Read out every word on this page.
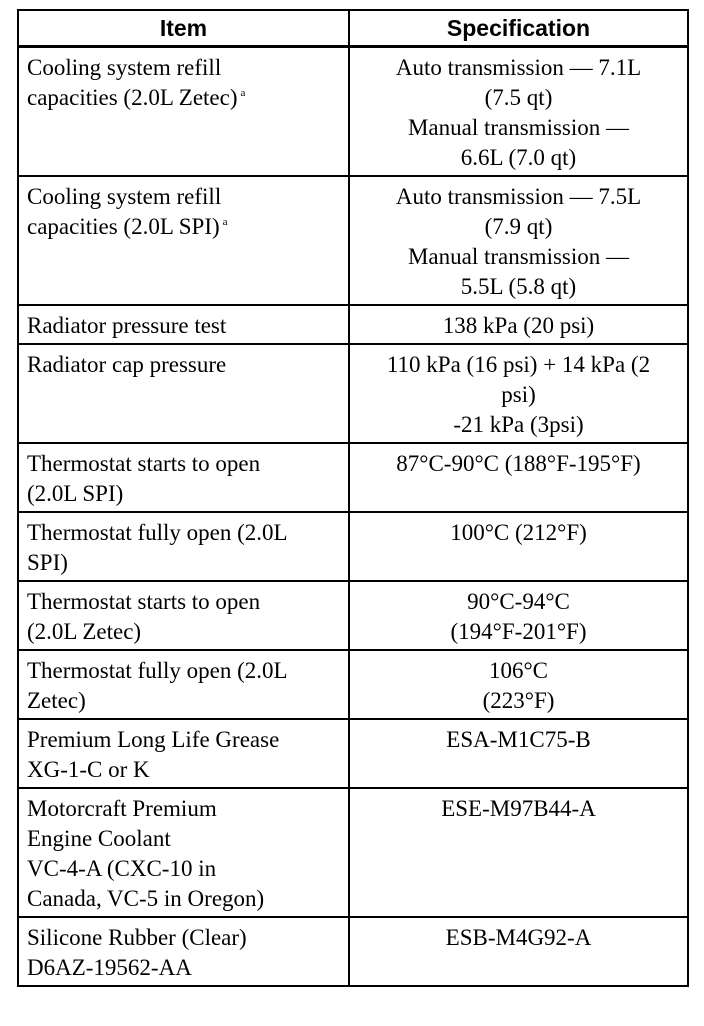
Item	Specification

Cooling system refill
capacities (2.0L Zetec) $^a$	Auto transmission — 7.1L
(7.5 qt)
Manual transmission —
6.6L (7.0 qt)

Cooling system refill
capacities (2.0L SPI) $^a$	Auto transmission — 7.5L
(7.9 qt)
Manual transmission —
5.5L (5.8 qt)

Radiator pressure test	138 kPa (20 psi)

Radiator cap pressure	110 kPa (16 psi) + 14 kPa (2
psi)
-21 kPa (3psi)

Thermostat starts to open
(2.0L SPI)	87°C-90°C (188°F-195°F)

Thermostat fully open (2.0L
SPI)	100°C (212°F)

Thermostat starts to open
(2.0L Zetec)	90°C-94°C
(194°F-201°F)

Thermostat fully open (2.0L
Zetec)	106°C
(223°F)

Premium Long Life Grease
XG-1-C or K	ESA-M1C75-B

Motorcraft Premium
Engine Coolant
VC-4-A (CXC-10 in
Canada, VC-5 in Oregon)	ESE-M97B44-A

Silicone Rubber (Clear)
D6AZ-19562-AA	ESB-M4G92-A
